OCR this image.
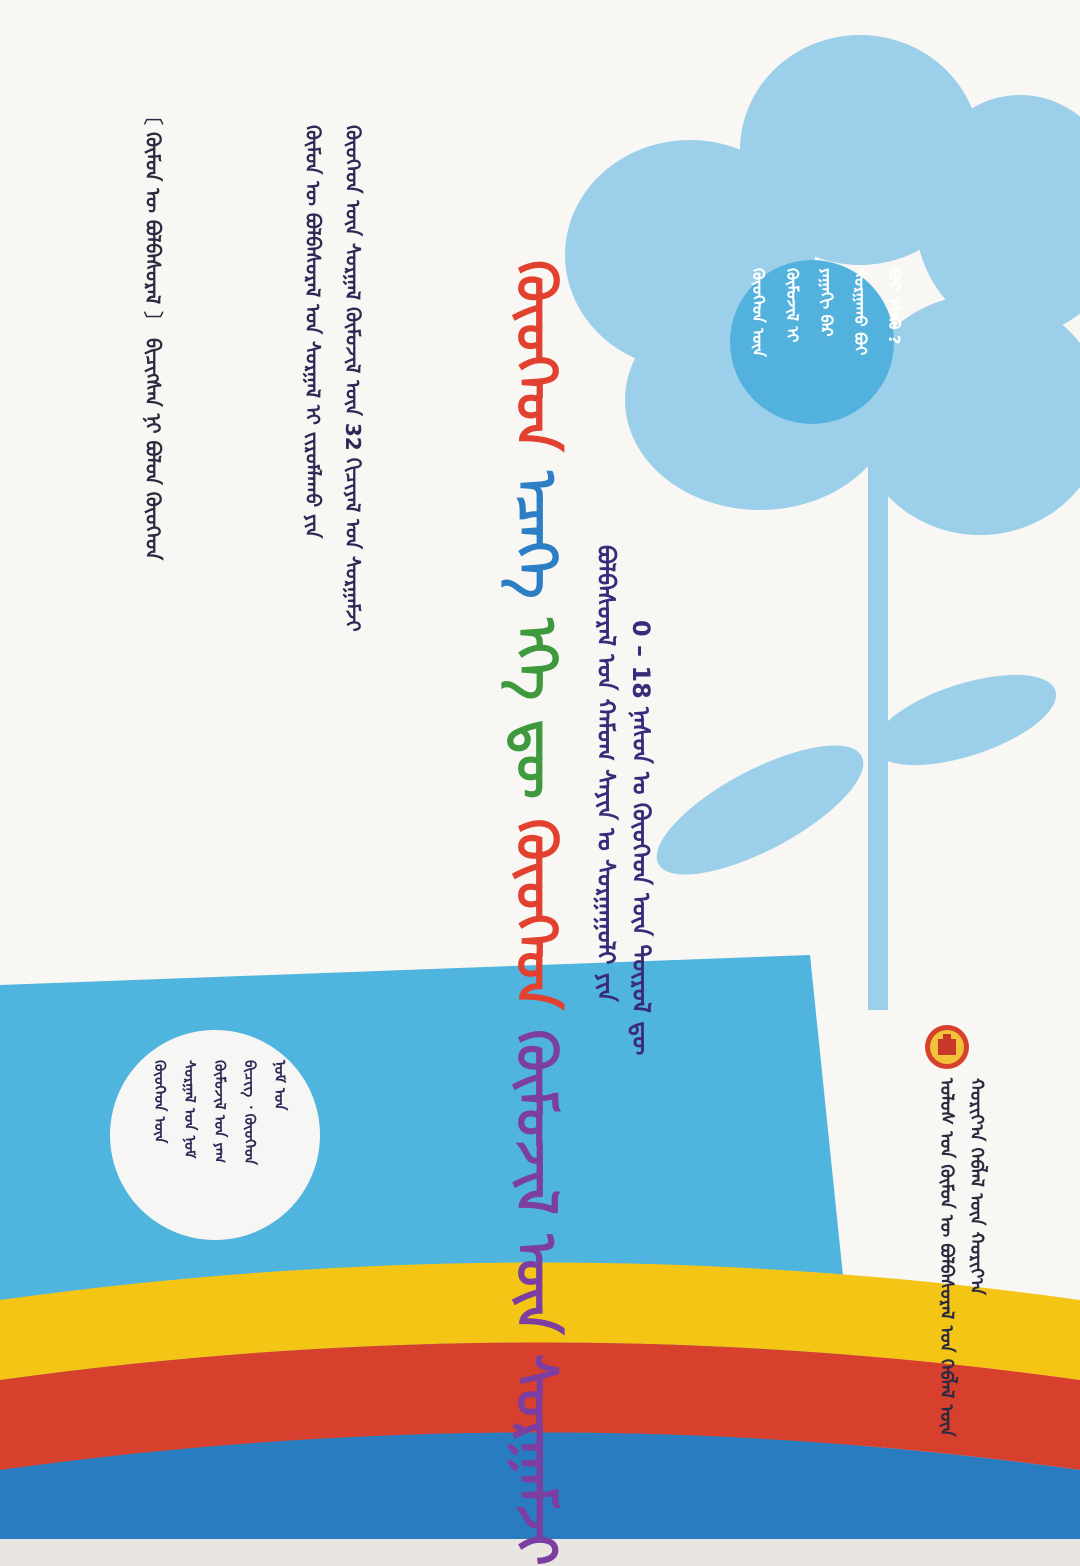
ᠬᠦᠦᠬᠡᠳ ᠡᠴᠡᠭᠡ ᠡᠬᠡ ᠳᠦ ᠬᠦᠦᠬᠡᠳ ᠬᠦᠮᠦᠵᠢᠯ ᠦᠨ ᠰᠤᠷᠭᠠᠮᠵᠢ
ᠪᠣᠯᠪᠠᠰᠤᠷᠠᠯ ᠤᠨ ᠬᠠᠮᠤᠭ ᠰᠠᠶᠢᠨ ᠤ ᠰᠤᠷᠭᠠᠭᠤᠯᠢ ᠶᠢᠨ 0 – 18 ᠨᠠᠰᠤᠨ ᠤ ᠬᠦᠦᠬᠡᠳ ᠦᠨ ᠲᠥᠷᠥᠯ ᠳᠦ
ᠬᠦᠦᠬᠡᠳ ᠦᠨ ᠬᠦᠮᠦᠵᠢᠯ ᠢ ᠶᠠᠭᠠᠭᠢ ᠪᠡᠷ ᠰᠤᠷᠭᠠᠬᠤ ᠪᠤᠢ ᠪᠤᠢ ᠡᠰᠡᠬᠦ ?
ᠬᠦᠮᠦᠨ ᠦ ᠪᠣᠯᠪᠠᠰᠤᠷᠠᠯ ᠤᠨ ᠰᠤᠷᠭᠠᠯ ᠢ ᠵᠢᠷᠤᠮᠯᠠᠬᠤ ᠶᠢᠨ ᠬᠦᠦᠬᠡᠳ ᠦᠨ ᠰᠤᠷᠭᠠᠯ ᠬᠦᠮᠦᠵᠢᠯ ᠦᠨ 32 ᠬᠢᠴᠢᠶᠡᠯ ᠤᠨ ᠰᠤᠷᠭᠠᠮᠵᠢ
〔 ᠬᠦᠮᠦᠨ ᠦ ᠪᠣᠯᠪᠠᠰᠤᠷᠠᠯ 〕 ᠪᠢᠴᠢᠭᠰᠡᠨ ᠨᠢ ᠪᠣᠯᠤᠨ ᠬᠦᠦᠬᠡᠳ
ᠬᠦᠦᠬᠡᠳ ᠦᠨ ᠰᠤᠷᠭᠠᠯ ᠤᠨ ᠨᠣᠮ ᠬᠦᠮᠦᠵᠢᠯ ᠤᠨ ᠶᠠᠭ ᠪᠢᠴᠢᠭ ᠂ ᠬᠦᠦᠬᠡᠳ ᠨᠣᠮ ᠤᠨ	ᠤᠯᠤᠰ ᠤᠨ ᠬᠦᠮᠦᠨ ᠦ ᠪᠣᠯᠪᠠᠰᠤᠷᠠᠯ ᠤᠨ ᠬᠡᠪᠯᠡᠯ ᠦᠨ ᠬᠣᠷᠢᠶ᠎ᠠ ᠬᠡᠪᠯᠡᠯ ᠦᠨ ᠬᠣᠷᠢᠶ᠎ᠠ
